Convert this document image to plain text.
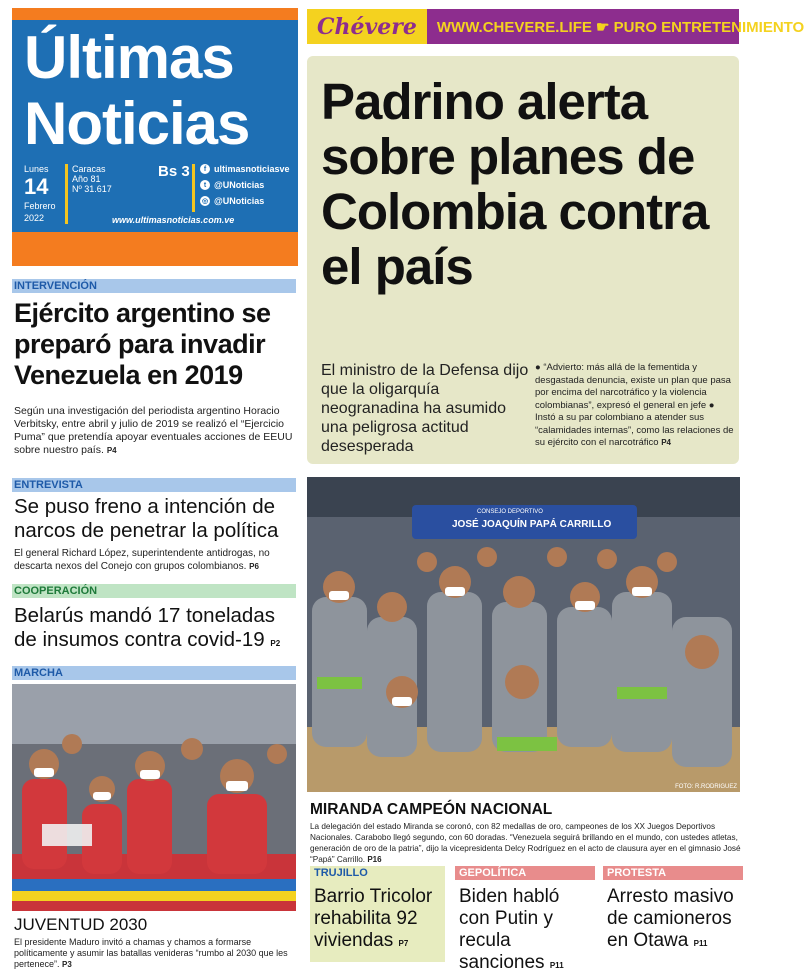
Últimas
Noticias
Lunes
14
Febrero
2022
Caracas
Año 81
Nº 31.617
Bs 3	f ultimasnoticiasve
t @UNoticias
◎ @UNoticias
www.ultimasnoticias.com.ve
Chévere	WWW.CHEVERE.LIFE ☛ PURO ENTRETENIMIENTO
Padrino alerta sobre planes de Colombia contra el país
El ministro de la Defensa dijo que la oligarquía neogranadina ha asumido una peligrosa actitud desesperada
● “Advierto: más allá de la fementida y desgastada denuncia, existe un plan que pasa por encima del narcotráfico y la violencia colombianas”, expresó el general en jefe ● Instó a su par colombiano a atender sus “calamidades internas”, como las relaciones de su ejército con el narcotráfico P4
INTERVENCIÓN
Ejército argentino se preparó para invadir Venezuela en 2019
Según una investigación del periodista argentino Horacio Verbitsky, entre abril y julio de 2019 se realizó el “Ejercicio Puma” que pretendía apoyar eventuales acciones de EEUU sobre nuestro país. P4
ENTREVISTA
Se puso freno a intención de narcos de penetrar la política
El general Richard López, superintendente antidrogas, no descarta nexos del Conejo con grupos colombianos. P6
COOPERACIÓN
Belarús mandó 17 toneladas de insumos contra covid-19 P2
MARCHA
JUVENTUD 2030
El presidente Maduro invitó a chamas y chamos a formarse políticamente y asumir las batallas venideras “rumbo al 2030 que les pertenece”. P3
CONSEJO DEPORTIVO
JOSÉ JOAQUÍN PAPÁ CARRILLO
FOTO: R.RODRIGUEZ
MIRANDA CAMPEÓN NACIONAL
La delegación del estado Miranda se coronó, con 82 medallas de oro, campeones de los XX Juegos Deportivos Nacionales. Carabobo llegó segundo, con 60 doradas. “Venezuela seguirá brillando en el mundo, con ustedes atletas, generación de oro de la patria”, dijo la vicepresidenta Delcy Rodríguez en el acto de clausura ayer en el gimnasio José “Papá” Carrillo. P16
TRUJILLO
Barrio Tricolor rehabilita 92 viviendas P7
GEPOLÍTICA
Biden habló con Putin y recula sanciones P11
PROTESTA
Arresto masivo de camioneros en Otawa P11
